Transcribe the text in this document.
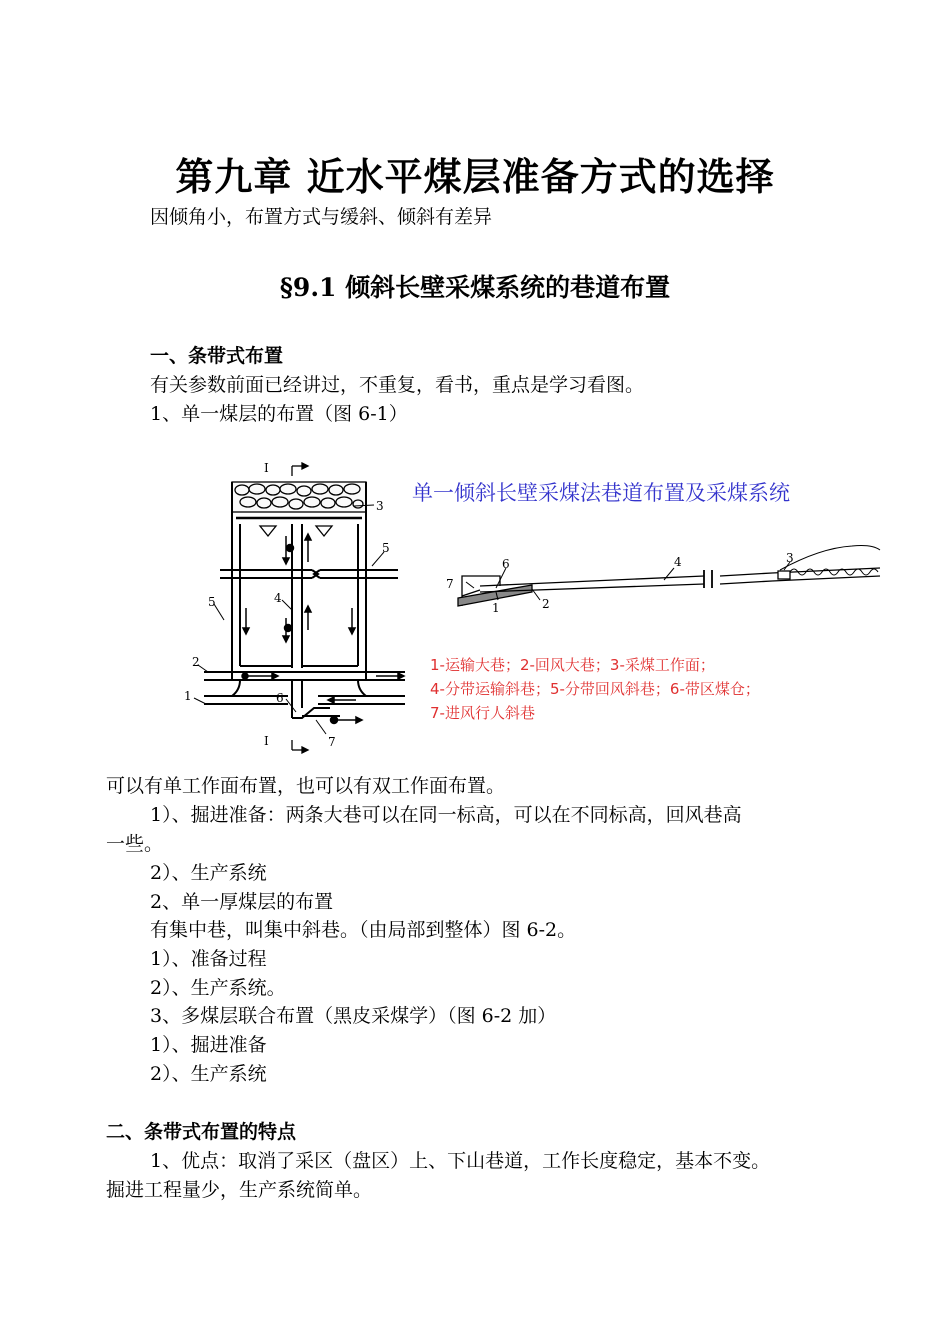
第九章 近水平煤层准备方式的选择
因倾角小，布置方式与缓斜、倾斜有差异
§9.1 倾斜长壁采煤系统的巷道布置
一、条带式布置
有关参数前面已经讲过，不重复，看书，重点是学习看图。
1、单一煤层的布置（图 6-1）
I
I
3
5
5	4
2
1	6
7
6
7
1	2
4	3
单一倾斜长壁采煤法巷道布置及采煤系统
1-运输大巷；2-回风大巷；3-采煤工作面；
4-分带运输斜巷；5-分带回风斜巷；6-带区煤仓；
7-进风行人斜巷
可以有单工作面布置，也可以有双工作面布置。
1）、掘进准备：两条大巷可以在同一标高，可以在不同标高，回风巷高
一些。
2）、生产系统
2、单一厚煤层的布置
有集中巷，叫集中斜巷。（由局部到整体）图 6-2。
1）、准备过程
2）、生产系统。
3、多煤层联合布置（黑皮采煤学）（图 6-2 加）
1）、掘进准备
2）、生产系统
二、条带式布置的特点
1、优点：取消了采区（盘区）上、下山巷道，工作长度稳定，基本不变。
掘进工程量少，生产系统简单。
